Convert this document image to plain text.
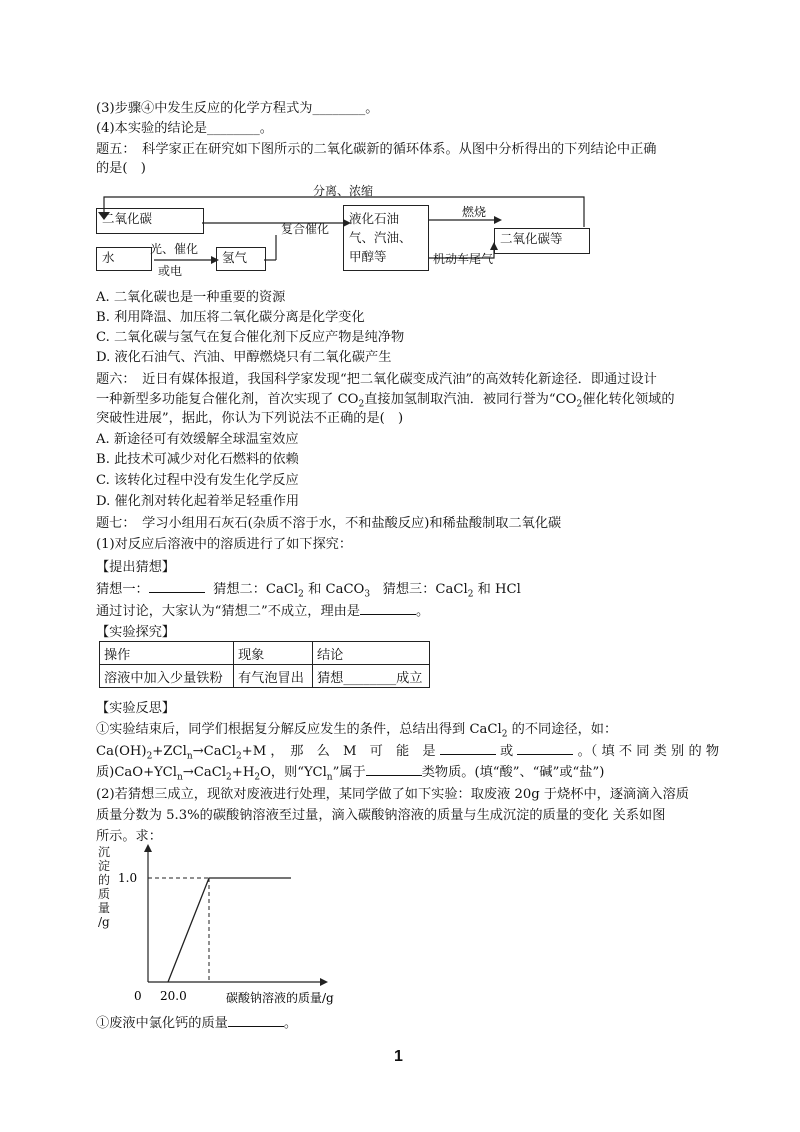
(3)步骤④中发生反应的化学方程式为________。
(4)本实验的结论是________。
题五：　科学家正在研究如下图所示的二氧化碳新的循环体系。从图中分析得出的下列结论中正确
的是(　)
二氧化碳
水	氢气
液化石油
气、汽油、
甲醇等
二氧化碳等
分离、浓缩
复合催化
燃烧
光、催化
或电
机动车尾气
A. 二氧化碳也是一种重要的资源
B. 利用降温、加压将二氧化碳分离是化学变化
C. 二氧化碳与氢气在复合催化剂下反应产物是纯净物
D. 液化石油气、汽油、甲醇燃烧只有二氧化碳产生
题六：　近日有媒体报道，我国科学家发现“把二氧化碳变成汽油”的高效转化新途径．即通过设计
一种新型多功能复合催化剂，首次实现了 $CO_2$直接加氢制取汽油．被同行誉为“$CO_2$催化转化领域的
突破性进展”，据此，你认为下列说法不正确的是(　)
A. 新途径可有效缓解全球温室效应
B. 此技术可减少对化石燃料的依赖
C. 该转化过程中没有发生化学反应
D. 催化剂对转化起着举足轻重作用
题七：　学习小组用石灰石(杂质不溶于水，不和盐酸反应)和稀盐酸制取二氧化碳
(1)对反应后溶液中的溶质进行了如下探究：
【提出猜想】
猜想一：	猜想二：CaCl$_2$ 和 CaCO$_3$ 猜想三：CaCl$_2$ 和 HCl
通过讨论，大家认为“猜想二”不成立，理由是	。
【实验探究】
操作	现象	结论
溶液中加入少量铁粉	有气泡冒出	猜想________成立
【实验反思】
①实验结束后，同学们根据复分解反应发生的条件，总结出得到 CaCl$_2$ 的不同途径，如：
$Ca(OH)_2+ZCl_n\to CaCl_2+M$ ，　那　么　M　可　能　是	或	。（ 填 不 同 类 别 的 物
质)$CaO+YCl_n\to CaCl_2+H_2O$，则“YCl$_n$”属于	类物质。(填“酸”、“碱”或“盐”)
(2)若猜想三成立，现欲对废液进行处理，某同学做了如下实验：取废液 20g 于烧杯中，逐滴滴入溶质
质量分数为 5.3%的碳酸钠溶液至过量，滴入碳酸钠溶液的质量与生成沉淀的质量的变化 关系如图
所示。求：
1.0
0 20.0	碳酸钠溶液的质量/g
沉
淀
的
质
量
/g
①废液中氯化钙的质量	。
1
